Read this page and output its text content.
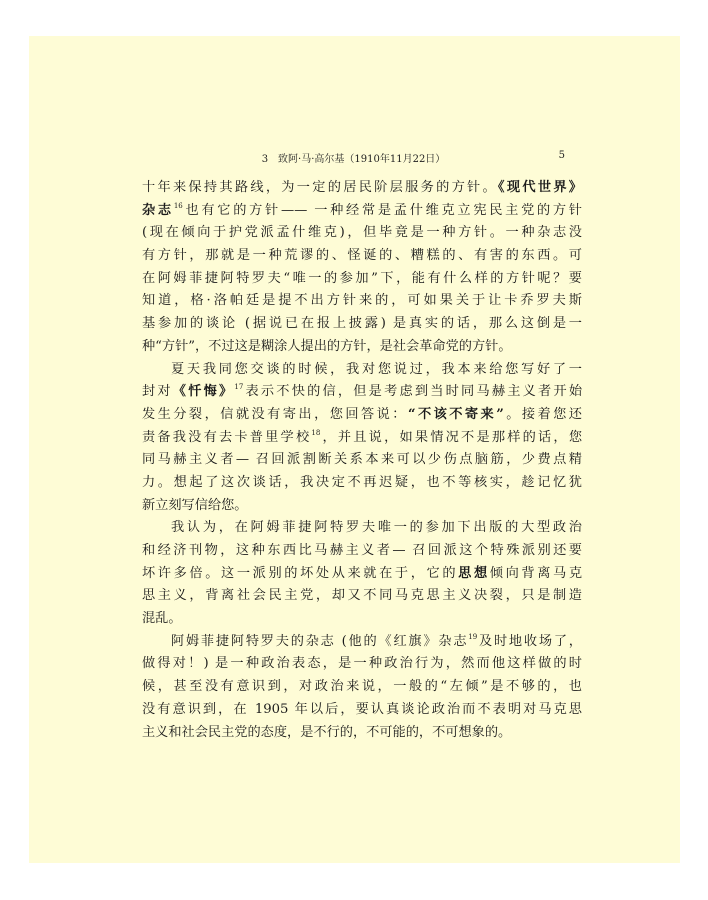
3　致阿·马·高尔基（1910年11月22日）	5
十年来保持其路线，为一定的居民阶层服务的方针。《现代世界》
杂志$^{16}$也有它的方针—— 一种经常是孟什维克立宪民主党的方针
(现在倾向于护党派孟什维克)，但毕竟是一种方针。一种杂志没
有方针，那就是一种荒谬的、怪诞的、糟糕的、有害的东西。可
在阿姆菲捷阿特罗夫“唯一的参加”下，能有什么样的方针呢？要
知道，格·洛帕廷是提不出方针来的，可如果关于让卡乔罗夫斯
基参加的谈论 (据说已在报上披露) 是真实的话，那么这倒是一
种“方针”，不过这是糊涂人提出的方针，是社会革命党的方针。
夏天我同您交谈的时候，我对您说过，我本来给您写好了一
封对《忏悔》$^{17}$表示不快的信，但是考虑到当时同马赫主义者开始
发生分裂，信就没有寄出，您回答说：“不该不寄来”。接着您还
责备我没有去卡普里学校$^{18}$，并且说，如果情况不是那样的话，您
同马赫主义者— 召回派割断关系本来可以少伤点脑筋，少费点精
力。想起了这次谈话，我决定不再迟疑，也不等核实，趁记忆犹
新立刻写信给您。
我认为，在阿姆菲捷阿特罗夫唯一的参加下出版的大型政治
和经济刊物，这种东西比马赫主义者— 召回派这个特殊派别还要
坏许多倍。这一派别的坏处从来就在于，它的思想倾向背离马克
思主义，背离社会民主党，却又不同马克思主义决裂，只是制造
混乱。
阿姆菲捷阿特罗夫的杂志 (他的《红旗》杂志$^{19}$及时地收场了，
做得对！) 是一种政治表态，是一种政治行为，然而他这样做的时
候，甚至没有意识到，对政治来说，一般的“左倾”是不够的，也
没有意识到，在 1905 年以后，要认真谈论政治而不表明对马克思
主义和社会民主党的态度，是不行的，不可能的，不可想象的。
